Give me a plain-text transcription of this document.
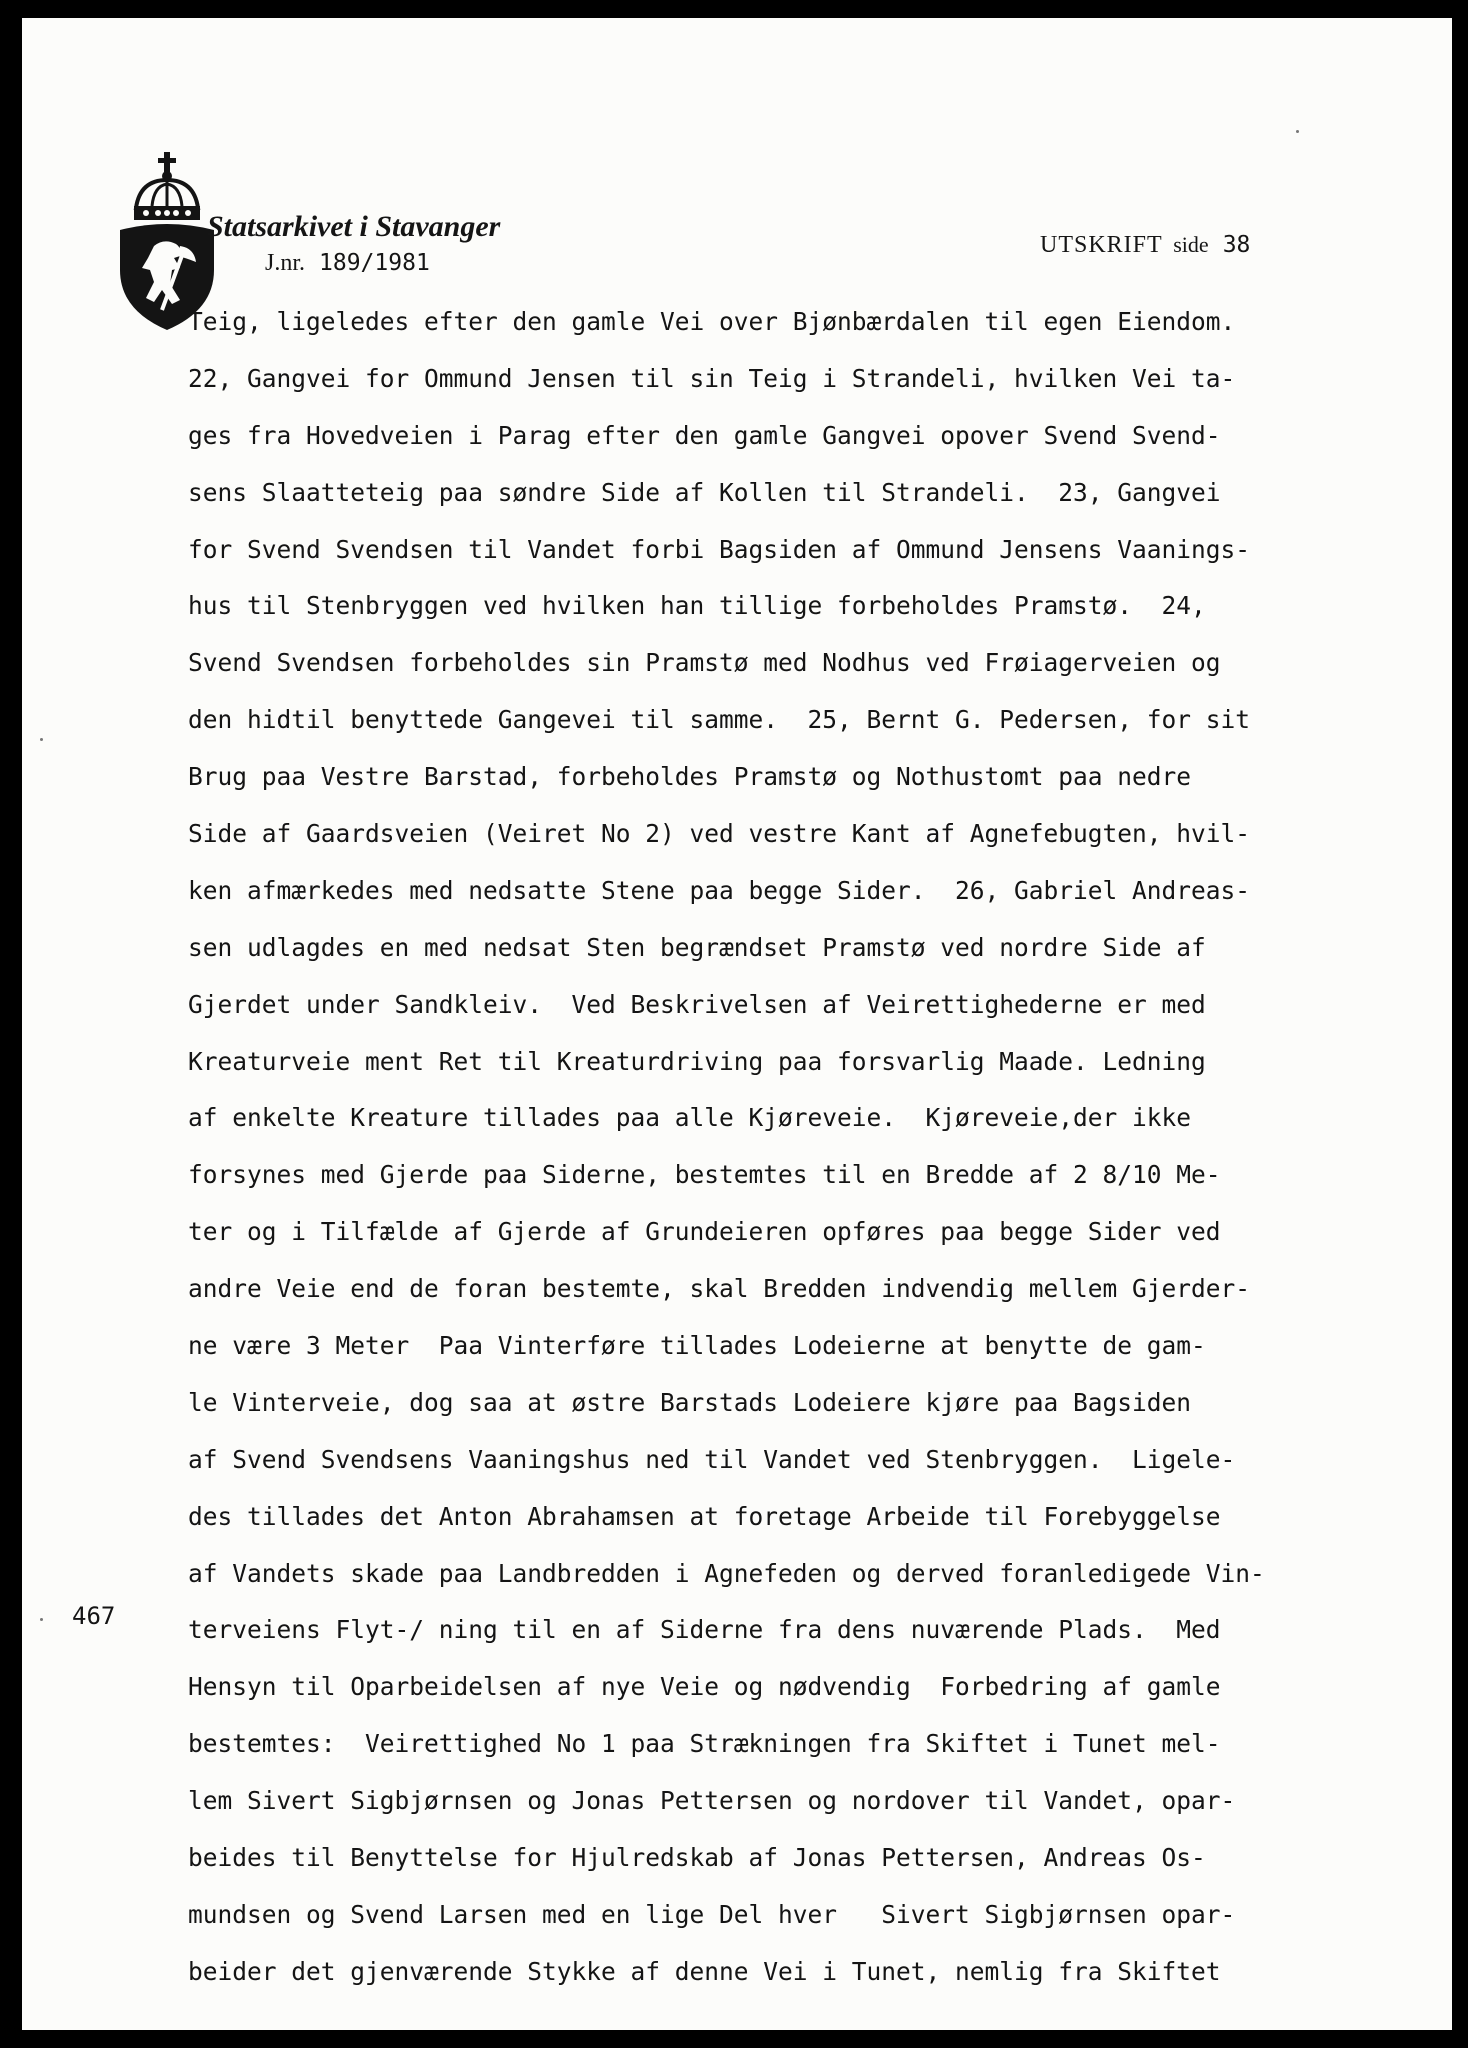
Statsarkivet i Stavanger
J.nr. 189/1981
UTSKRIFT side 38
Teig, ligeledes efter den gamle Vei over Bjønbærdalen til egen Eiendom.
22, Gangvei for Ommund Jensen til sin Teig i Strandeli, hvilken Vei ta-
ges fra Hovedveien i Parag efter den gamle Gangvei opover Svend Svend-
sens Slaatteteig paa søndre Side af Kollen til Strandeli.  23, Gangvei
for Svend Svendsen til Vandet forbi Bagsiden af Ommund Jensens Vaanings-
hus til Stenbryggen ved hvilken han tillige forbeholdes Pramstø.  24,
Svend Svendsen forbeholdes sin Pramstø med Nodhus ved Frøiagerveien og
den hidtil benyttede Gangevei til samme.  25, Bernt G. Pedersen, for sit
Brug paa Vestre Barstad, forbeholdes Pramstø og Nothustomt paa nedre
Side af Gaardsveien (Veiret No 2) ved vestre Kant af Agnefebugten, hvil-
ken afmærkedes med nedsatte Stene paa begge Sider.  26, Gabriel Andreas-
sen udlagdes en med nedsat Sten begrændset Pramstø ved nordre Side af
Gjerdet under Sandkleiv.  Ved Beskrivelsen af Veirettighederne er med
Kreaturveie ment Ret til Kreaturdriving paa forsvarlig Maade. Ledning
af enkelte Kreature tillades paa alle Kjøreveie.  Kjøreveie,der ikke
forsynes med Gjerde paa Siderne, bestemtes til en Bredde af 2 8/10 Me-
ter og i Tilfælde af Gjerde af Grundeieren opføres paa begge Sider ved
andre Veie end de foran bestemte, skal Bredden indvendig mellem Gjerder-
ne være 3 Meter  Paa Vinterføre tillades Lodeierne at benytte de gam-
le Vinterveie, dog saa at østre Barstads Lodeiere kjøre paa Bagsiden
af Svend Svendsens Vaaningshus ned til Vandet ved Stenbryggen.  Ligele-
des tillades det Anton Abrahamsen at foretage Arbeide til Forebyggelse
af Vandets skade paa Landbredden i Agnefeden og derved foranledigede Vin-
terveiens Flyt-/ ning til en af Siderne fra dens nuværende Plads.  Med
Hensyn til Oparbeidelsen af nye Veie og nødvendig  Forbedring af gamle
bestemtes:  Veirettighed No 1 paa Strækningen fra Skiftet i Tunet mel-
lem Sivert Sigbjørnsen og Jonas Pettersen og nordover til Vandet, opar-
beides til Benyttelse for Hjulredskab af Jonas Pettersen, Andreas Os-
mundsen og Svend Larsen med en lige Del hver   Sivert Sigbjørnsen opar-
beider det gjenværende Stykke af denne Vei i Tunet, nemlig fra Skiftet
467
